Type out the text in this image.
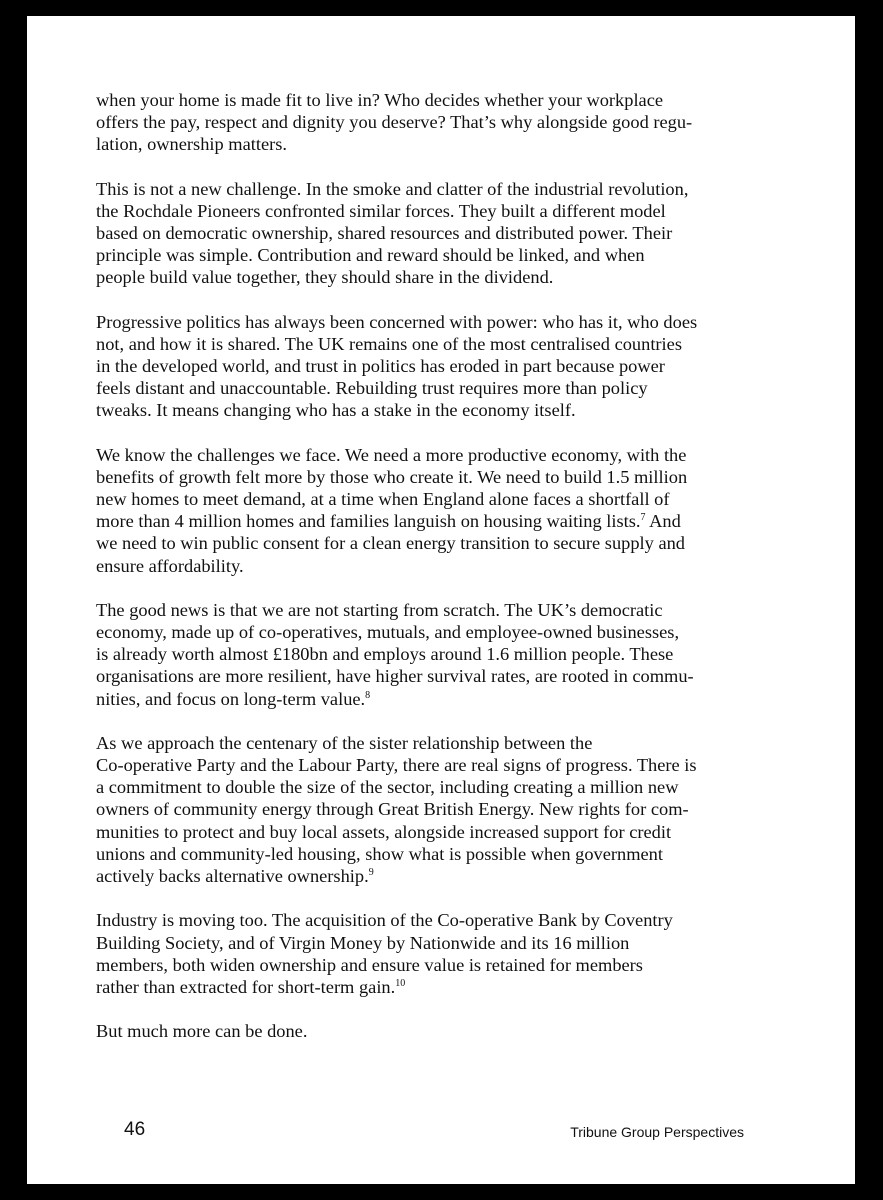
when your home is made fit to live in? Who decides whether your workplace
offers the pay, respect and dignity you deserve? That’s why alongside good regu-
lation, ownership matters.

This is not a new challenge. In the smoke and clatter of the industrial revolution,
the Rochdale Pioneers confronted similar forces. They built a different model
based on democratic ownership, shared resources and distributed power. Their
principle was simple. Contribution and reward should be linked, and when
people build value together, they should share in the dividend.

Progressive politics has always been concerned with power: who has it, who does
not, and how it is shared. The UK remains one of the most centralised countries
in the developed world, and trust in politics has eroded in part because power
feels distant and unaccountable. Rebuilding trust requires more than policy
tweaks. It means changing who has a stake in the economy itself.

We know the challenges we face. We need a more productive economy, with the
benefits of growth felt more by those who create it. We need to build 1.5 million
new homes to meet demand, at a time when England alone faces a shortfall of
more than 4 million homes and families languish on housing waiting lists.$^7$ And
we need to win public consent for a clean energy transition to secure supply and
ensure affordability.

The good news is that we are not starting from scratch. The UK’s democratic
economy, made up of co-operatives, mutuals, and employee-owned businesses,
is already worth almost £180bn and employs around 1.6 million people. These
organisations are more resilient, have higher survival rates, are rooted in commu-
nities, and focus on long-term value.$^8$

As we approach the centenary of the sister relationship between the
Co-operative Party and the Labour Party, there are real signs of progress. There is
a commitment to double the size of the sector, including creating a million new
owners of community energy through Great British Energy. New rights for com-
munities to protect and buy local assets, alongside increased support for credit
unions and community-led housing, show what is possible when government
actively backs alternative ownership.$^9$

Industry is moving too. The acquisition of the Co-operative Bank by Coventry
Building Society, and of Virgin Money by Nationwide and its 16 million
members, both widen ownership and ensure value is retained for members
rather than extracted for short-term gain.$^{10}$

But much more can be done.

46	Tribune Group Perspectives
